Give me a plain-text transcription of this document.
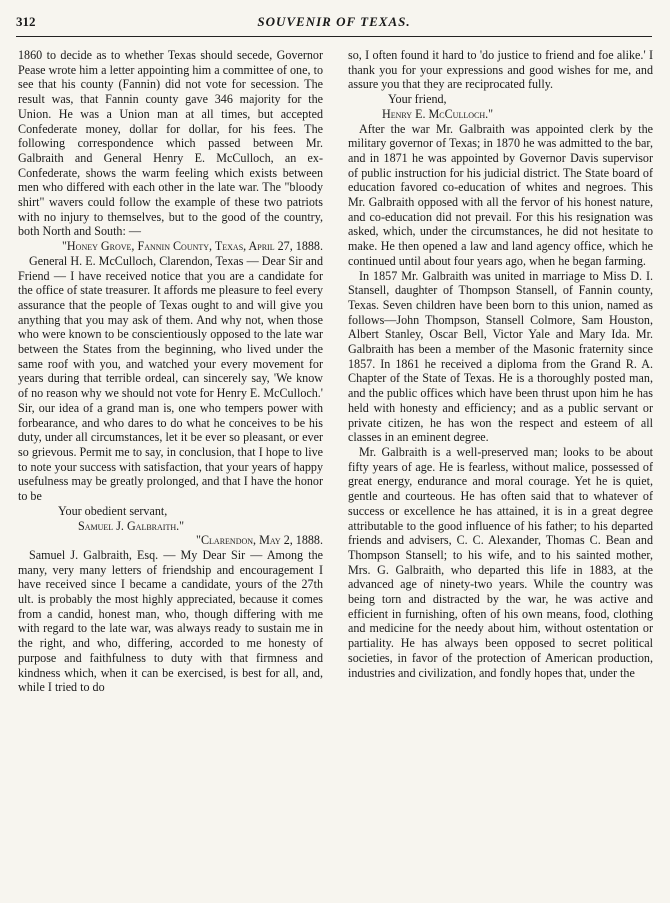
312	SOUVENIR OF TEXAS.

1860 to decide as to whether Texas should secede, Governor Pease wrote him a letter appointing him a committee of one, to see that his county (Fannin) did not vote for secession. The result was, that Fannin county gave 346 majority for the Union. He was a Union man at all times, but accepted Confederate money, dollar for dollar, for his fees. The following correspondence which passed between Mr. Galbraith and General Henry E. McCulloch, an ex-Confederate, shows the warm feeling which exists between men who differed with each other in the late war. The "bloody shirt" wavers could follow the example of these two patriots with no injury to themselves, but to the good of the country, both North and South: —

"Honey Grove, Fannin County, Texas, April 27, 1888.

General H. E. McCulloch, Clarendon, Texas — Dear Sir and Friend — I have received notice that you are a candidate for the office of state treasurer. It affords me pleasure to feel every assurance that the people of Texas ought to and will give you anything that you may ask of them. And why not, when those who were known to be conscientiously opposed to the late war between the States from the beginning, who lived under the same roof with you, and watched your every movement for years during that terrible ordeal, can sincerely say, 'We know of no reason why we should not vote for Henry E. McCulloch.' Sir, our idea of a grand man is, one who tempers power with forbearance, and who dares to do what he conceives to be his duty, under all circumstances, let it be ever so pleasant, or ever so grievous. Permit me to say, in conclusion, that I hope to live to note your success with satisfaction, that your years of happy usefulness may be greatly prolonged, and that I have the honor to be

Your obedient servant,

Samuel J. Galbraith."

"Clarendon, May 2, 1888.

Samuel J. Galbraith, Esq. — My Dear Sir — Among the many, very many letters of friendship and encouragement I have received since I became a candidate, yours of the 27th ult. is probably the most highly appreciated, because it comes from a candid, honest man, who, though differing with me with regard to the late war, was always ready to sustain me in the right, and who, differing, accorded to me honesty of purpose and faithfulness to duty with that firmness and kindness which, when it can be exercised, is best for all, and, while I tried to do

so, I often found it hard to 'do justice to friend and foe alike.' I thank you for your expressions and good wishes for me, and assure you that they are reciprocated fully.

Your friend,

Henry E. McCulloch."

After the war Mr. Galbraith was appointed clerk by the military governor of Texas; in 1870 he was admitted to the bar, and in 1871 he was appointed by Governor Davis supervisor of public instruction for his judicial district. The State board of education favored co-education of whites and negroes. This Mr. Galbraith opposed with all the fervor of his honest nature, and co-education did not prevail. For this his resignation was asked, which, under the circumstances, he did not hesitate to make. He then opened a law and land agency office, which he continued until about four years ago, when he began farming.

In 1857 Mr. Galbraith was united in marriage to Miss D. I. Stansell, daughter of Thompson Stansell, of Fannin county, Texas. Seven children have been born to this union, named as follows—John Thompson, Stansell Colmore, Sam Houston, Albert Stanley, Oscar Bell, Victor Yale and Mary Ida. Mr. Galbraith has been a member of the Masonic fraternity since 1857. In 1861 he received a diploma from the Grand R. A. Chapter of the State of Texas. He is a thoroughly posted man, and the public offices which have been thrust upon him he has held with honesty and efficiency; and as a public servant or private citizen, he has won the respect and esteem of all classes in an eminent degree.

Mr. Galbraith is a well-preserved man; looks to be about fifty years of age. He is fearless, without malice, possessed of great energy, endurance and moral courage. Yet he is quiet, gentle and courteous. He has often said that to whatever of success or excellence he has attained, it is in a great degree attributable to the good influence of his father; to his departed friends and advisers, C. C. Alexander, Thomas C. Bean and Thompson Stansell; to his wife, and to his sainted mother, Mrs. G. Galbraith, who departed this life in 1883, at the advanced age of ninety-two years. While the country was being torn and distracted by the war, he was active and efficient in furnishing, often of his own means, food, clothing and medicine for the needy about him, without ostentation or partiality. He has always been opposed to secret political societies, in favor of the protection of American production, industries and civilization, and fondly hopes that, under the
